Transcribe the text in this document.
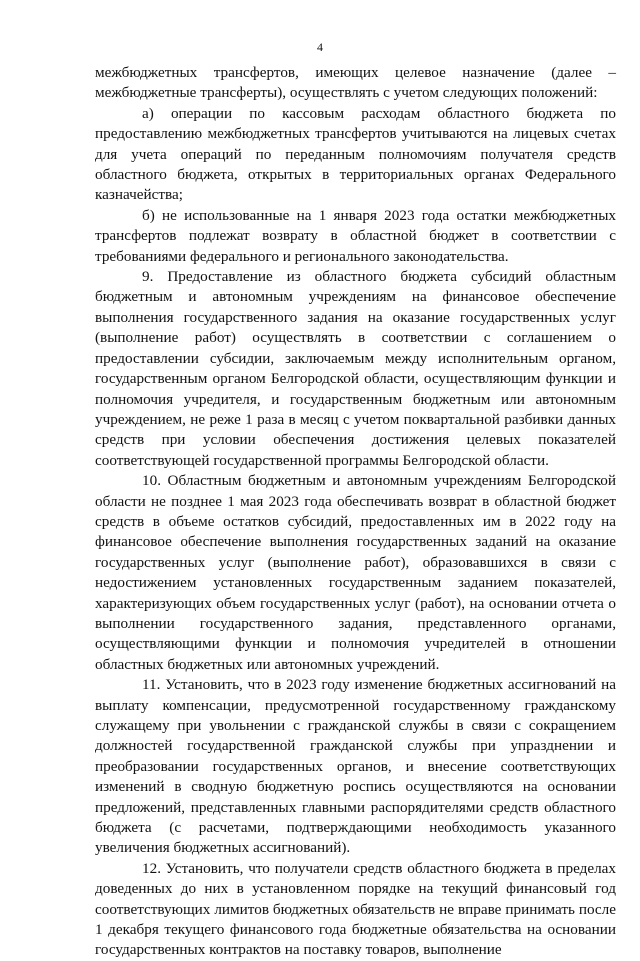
4

межбюджетных трансфертов, имеющих целевое назначение (далее – межбюджетные трансферты), осуществлять с учетом следующих положений:

а) операции по кассовым расходам областного бюджета по предоставлению межбюджетных трансфертов учитываются на лицевых счетах для учета операций по переданным полномочиям получателя средств областного бюджета, открытых в территориальных органах Федерального казначейства;

б) не использованные на 1 января 2023 года остатки межбюджетных трансфертов подлежат возврату в областной бюджет в соответствии с требованиями федерального и регионального законодательства.

9. Предоставление из областного бюджета субсидий областным бюджетным и автономным учреждениям на финансовое обеспечение выполнения государственного задания на оказание государственных услуг (выполнение работ) осуществлять в соответствии с соглашением о предоставлении субсидии, заключаемым между исполнительным органом, государственным органом Белгородской области, осуществляющим функции и полномочия учредителя, и государственным бюджетным или автономным учреждением, не реже 1 раза в месяц с учетом поквартальной разбивки данных средств при условии обеспечения достижения целевых показателей соответствующей государственной программы Белгородской области.

10. Областным бюджетным и автономным учреждениям Белгородской области не позднее 1 мая 2023 года обеспечивать возврат в областной бюджет средств в объеме остатков субсидий, предоставленных им в 2022 году на финансовое обеспечение выполнения государственных заданий на оказание государственных услуг (выполнение работ), образовавшихся в связи с недостижением установленных государственным заданием показателей, характеризующих объем государственных услуг (работ), на основании отчета о выполнении государственного задания, представленного органами, осуществляющими функции и полномочия учредителей в отношении областных бюджетных или автономных учреждений.

11. Установить, что в 2023 году изменение бюджетных ассигнований на выплату компенсации, предусмотренной государственному гражданскому служащему при увольнении с гражданской службы в связи с сокращением должностей государственной гражданской службы при упразднении и преобразовании государственных органов, и внесение соответствующих изменений в сводную бюджетную роспись осуществляются на основании предложений, представленных главными распорядителями средств областного бюджета (с расчетами, подтверждающими необходимость указанного увеличения бюджетных ассигнований).

12. Установить, что получатели средств областного бюджета в пределах доведенных до них в установленном порядке на текущий финансовый год соответствующих лимитов бюджетных обязательств не вправе принимать после 1 декабря текущего финансового года бюджетные обязательства на основании государственных контрактов на поставку товаров, выполнение
